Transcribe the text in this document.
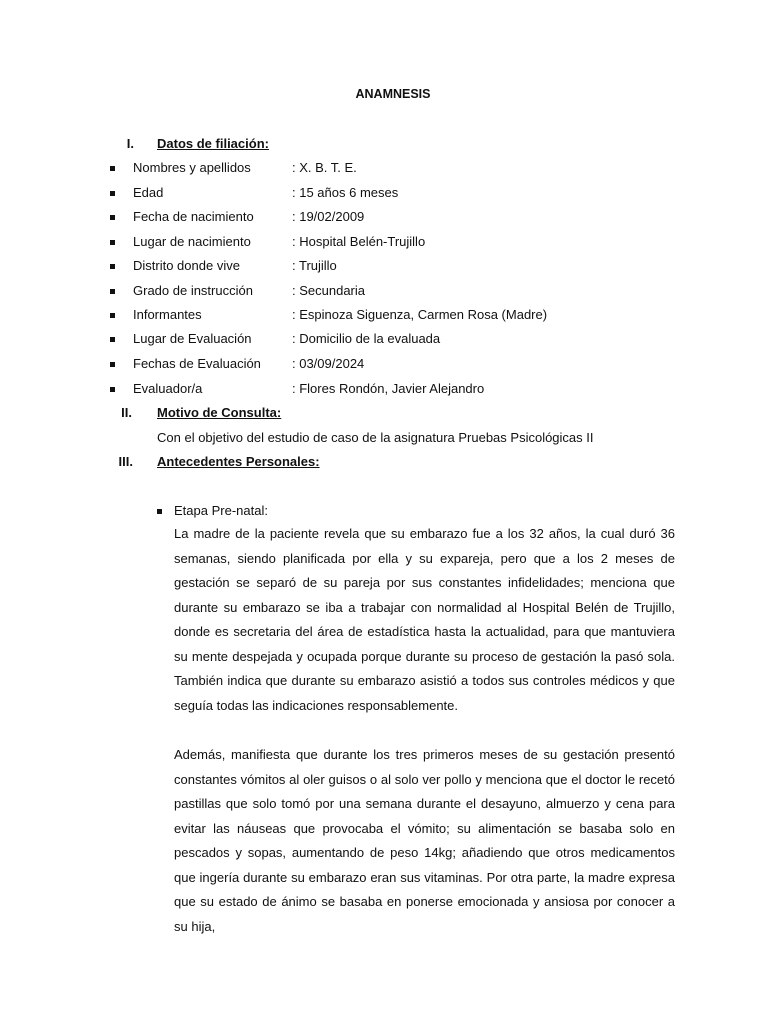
ANAMNESIS
I. Datos de filiación:
Nombres y apellidos	: X. B. T. E.
Edad	: 15 años 6 meses
Fecha de nacimiento	: 19/02/2009
Lugar de nacimiento	: Hospital Belén-Trujillo
Distrito donde vive	: Trujillo
Grado de instrucción	: Secundaria
Informantes	: Espinoza Siguenza, Carmen Rosa (Madre)
Lugar de Evaluación	: Domicilio de la evaluada
Fechas de Evaluación : 03/09/2024
Evaluador/a	: Flores Rondón, Javier Alejandro
II. Motivo de Consulta:
Con el objetivo del estudio de caso de la asignatura Pruebas Psicológicas II
III. Antecedentes Personales:
Etapa Pre-natal:

La madre de la paciente revela que su embarazo fue a los 32 años, la cual duró 36 semanas, siendo planificada por ella y su expareja, pero que a los 2 meses de gestación se separó de su pareja por sus constantes infidelidades; menciona que durante su embarazo se iba a trabajar con normalidad al Hospital Belén de Trujillo, donde es secretaria del área de estadística hasta la actualidad, para que mantuviera su mente despejada y ocupada porque durante su proceso de gestación la pasó sola. También indica que durante su embarazo asistió a todos sus controles médicos y que seguía todas las indicaciones responsablemente.

Además, manifiesta que durante los tres primeros meses de su gestación presentó constantes vómitos al oler guisos o al solo ver pollo y menciona que el doctor le recetó pastillas que solo tomó por una semana durante el desayuno, almuerzo y cena para evitar las náuseas que provocaba el vómito; su alimentación se basaba solo en pescados y sopas, aumentando de peso 14kg; añadiendo que otros medicamentos que ingería durante su embarazo eran sus vitaminas. Por otra parte, la madre expresa que su estado de ánimo se basaba en ponerse emocionada y ansiosa por conocer a su hija,
